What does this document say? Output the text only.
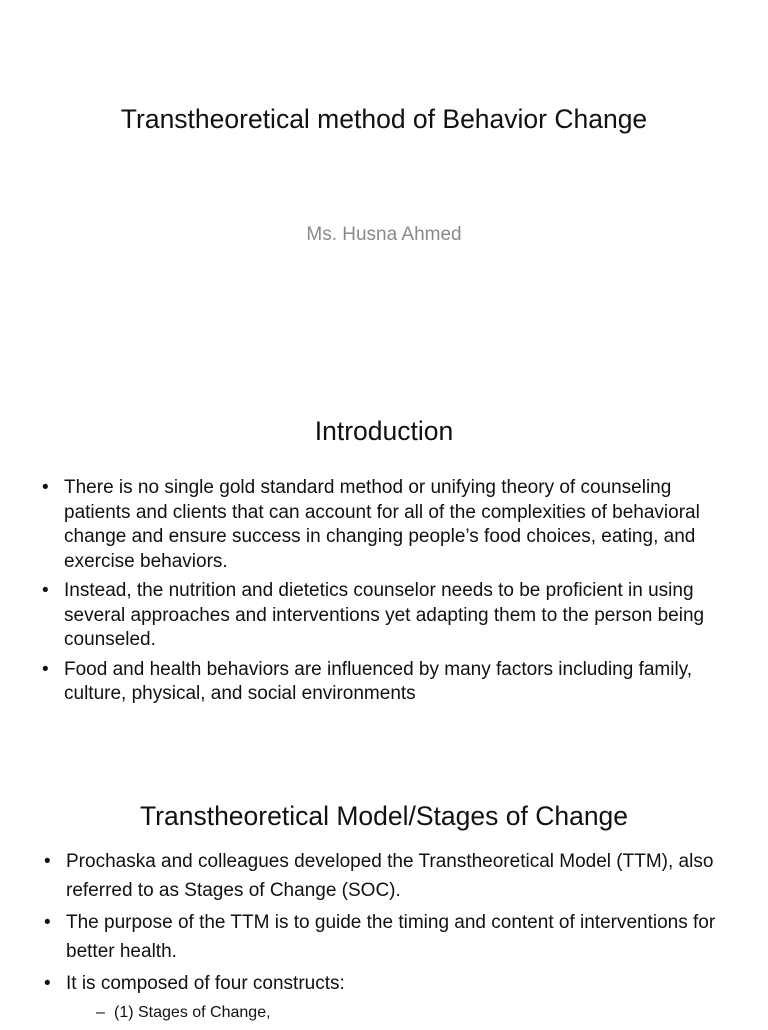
Transtheoretical method of Behavior Change
Ms. Husna Ahmed
Introduction
• There is no single gold standard method or unifying theory of counseling patients and clients that can account for all of the complexities of behavioral change and ensure success in changing people’s food choices, eating, and exercise behaviors.
• Instead, the nutrition and dietetics counselor needs to be proficient in using several approaches and interventions yet adapting them to the person being counseled.
• Food and health behaviors are influenced by many factors including family, culture, physical, and social environments
Transtheoretical Model/Stages of Change
• Prochaska and colleagues developed the Transtheoretical Model (TTM), also referred to as Stages of Change (SOC).
• The purpose of the TTM is to guide the timing and content of interventions for better health.
• It is composed of four constructs:
– (1) Stages of Change,
